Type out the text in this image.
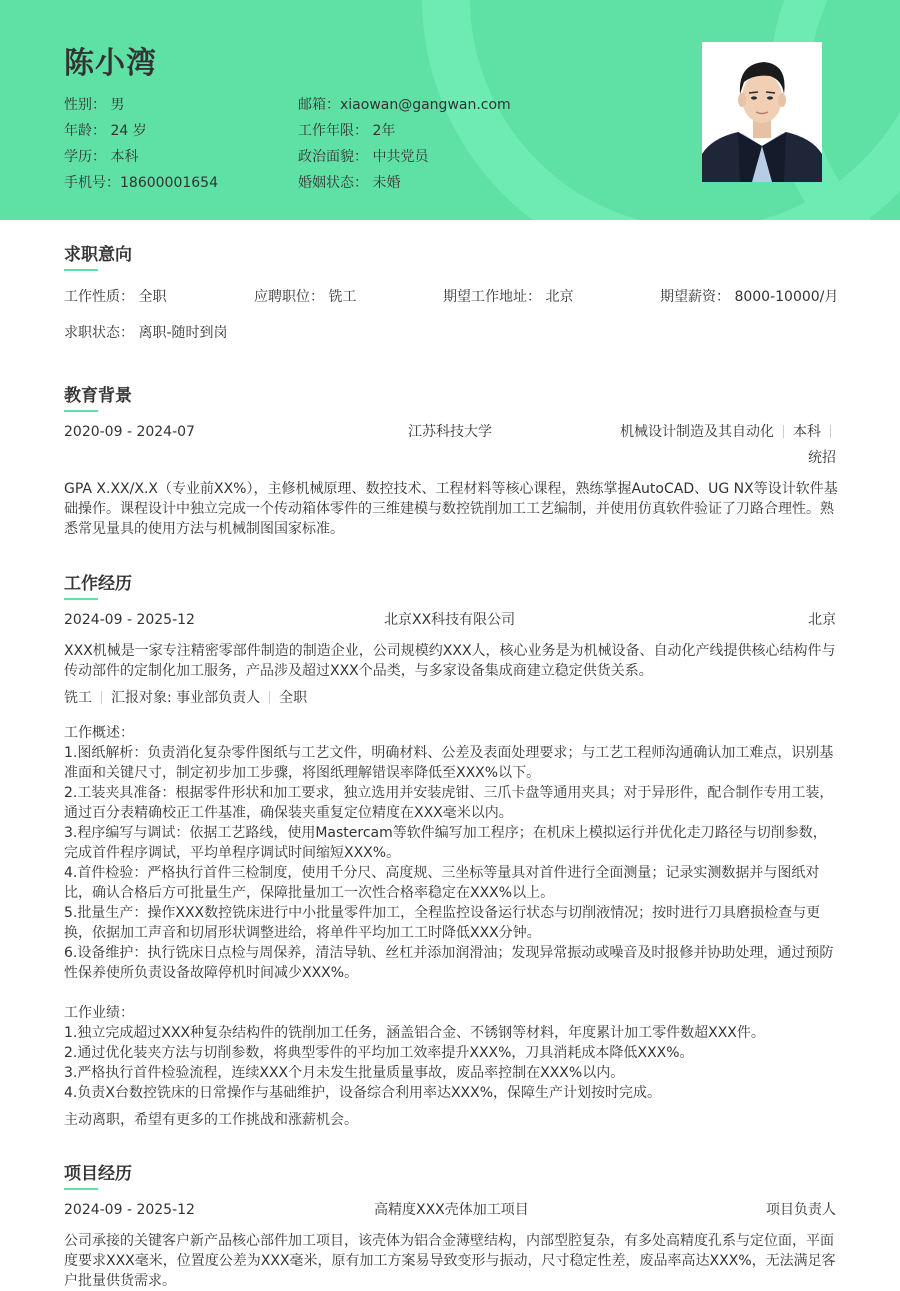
陈小湾
性别： 男
年龄： 24 岁
学历： 本科
手机号：18600001654
邮箱：xiaowan@gangwan.com
工作年限： 2年
政治面貌： 中共党员
婚姻状态： 未婚
求职意向
工作性质： 全职	应聘职位： 铣工	期望工作地址： 北京	期望薪资： 8000-10000/月
求职状态： 离职-随时到岗
教育背景
2020-09 - 2024-07	江苏科技大学	机械设计制造及其自动化 本科
统招

GPA X.XX/X.X（专业前XX%），主修机械原理、数控技术、工程材料等核心课程，熟练掌握AutoCAD、UG NX等设计软件基础操作。课程设计中独立完成一个传动箱体零件的三维建模与数控铣削加工工艺编制，并使用仿真软件验证了刀路合理性。熟悉常见量具的使用方法与机械制图国家标准。

工作经历
2024-09 - 2025-12	北京XX科技有限公司	北京

XXX机械是一家专注精密零部件制造的制造企业，公司规模约XXX人，核心业务是为机械设备、自动化产线提供核心结构件与传动部件的定制化加工服务，产品涉及超过XXX个品类，与多家设备集成商建立稳定供货关系。

铣工 汇报对象: 事业部负责人 全职

工作概述：

1.图纸解析：负责消化复杂零件图纸与工艺文件，明确材料、公差及表面处理要求；与工艺工程师沟通确认加工难点，识别基准面和关键尺寸，制定初步加工步骤，将图纸理解错误率降低至XXX%以下。

2.工装夹具准备：根据零件形状和加工要求，独立选用并安装虎钳、三爪卡盘等通用夹具；对于异形件，配合制作专用工装，通过百分表精确校正工件基准，确保装夹重复定位精度在XXX毫米以内。

3.程序编写与调试：依据工艺路线，使用Mastercam等软件编写加工程序；在机床上模拟运行并优化走刀路径与切削参数，完成首件程序调试，平均单程序调试时间缩短XXX%。

4.首件检验：严格执行首件三检制度，使用千分尺、高度规、三坐标等量具对首件进行全面测量；记录实测数据并与图纸对比，确认合格后方可批量生产，保障批量加工一次性合格率稳定在XXX%以上。

5.批量生产：操作XXX数控铣床进行中小批量零件加工，全程监控设备运行状态与切削液情况；按时进行刀具磨损检查与更换，依据加工声音和切屑形状调整进给，将单件平均加工工时降低XXX分钟。

6.设备维护：执行铣床日点检与周保养，清洁导轨、丝杠并添加润滑油；发现异常振动或噪音及时报修并协助处理，通过预防性保养使所负责设备故障停机时间减少XXX%。

工作业绩：

1.独立完成超过XXX种复杂结构件的铣削加工任务，涵盖铝合金、不锈钢等材料，年度累计加工零件数超XXX件。

2.通过优化装夹方法与切削参数，将典型零件的平均加工效率提升XXX%，刀具消耗成本降低XXX%。

3.严格执行首件检验流程，连续XXX个月未发生批量质量事故，废品率控制在XXX%以内。

4.负责X台数控铣床的日常操作与基础维护，设备综合利用率达XXX%，保障生产计划按时完成。

主动离职，希望有更多的工作挑战和涨薪机会。
项目经历
2024-09 - 2025-12	高精度XXX壳体加工项目	项目负责人

公司承接的关键客户新产品核心部件加工项目，该壳体为铝合金薄壁结构，内部型腔复杂，有多处高精度孔系与定位面，平面度要求XXX毫米，位置度公差为XXX毫米，原有加工方案易导致变形与振动，尺寸稳定性差，废品率高达XXX%，无法满足客户批量供货需求。
